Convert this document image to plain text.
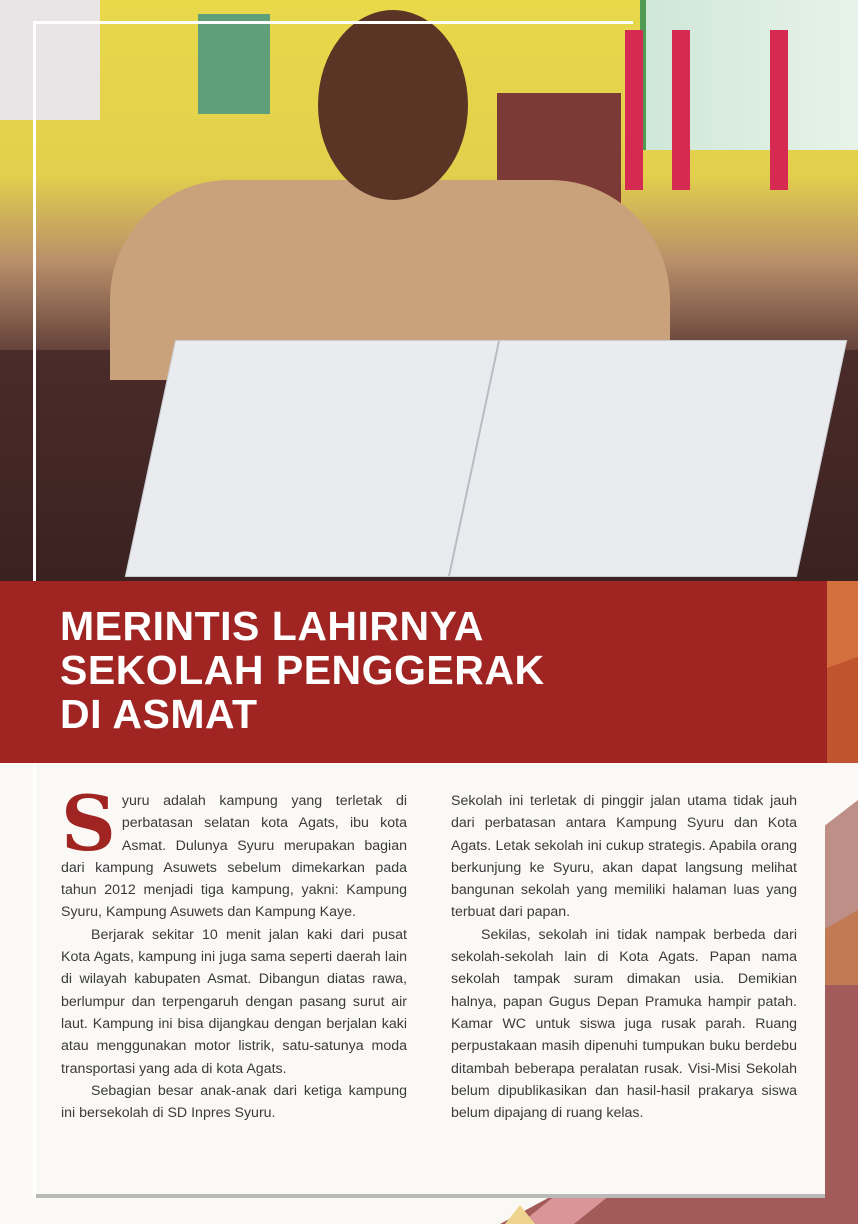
MERINTIS LAHIRNYA
SEKOLAH PENGGERAK
DI ASMAT

Syuru adalah kampung yang terletak di perbatasan selatan kota Agats, ibu kota Asmat. Dulunya Syuru merupakan bagian dari kampung Asuwets sebelum dimekarkan pada tahun 2012 menjadi tiga kampung, yakni: Kampung Syuru, Kampung Asuwets dan Kampung Kaye.

Berjarak sekitar 10 menit jalan kaki dari pusat Kota Agats, kampung ini juga sama seperti daerah lain di wilayah kabupaten Asmat. Dibangun diatas rawa, berlumpur dan terpengaruh dengan pasang surut air laut. Kampung ini bisa dijangkau dengan berjalan kaki atau menggunakan motor listrik, satu-satunya moda transportasi yang ada di kota Agats.

Sebagian besar anak-anak dari ketiga kampung ini bersekolah di SD Inpres Syuru.

Sekolah ini terletak di pinggir jalan utama tidak jauh dari perbatasan antara Kampung Syuru dan Kota Agats. Letak sekolah ini cukup strategis. Apabila orang berkunjung ke Syuru, akan dapat langsung melihat bangunan sekolah yang memiliki halaman luas yang terbuat dari papan.

Sekilas, sekolah ini tidak nampak berbeda dari sekolah-sekolah lain di Kota Agats. Papan nama sekolah tampak suram dimakan usia. Demikian halnya, papan Gugus Depan Pramuka hampir patah. Kamar WC untuk siswa juga rusak parah. Ruang perpustakaan masih dipenuhi tumpukan buku berdebu ditambah beberapa peralatan rusak. Visi-Misi Sekolah belum dipublikasikan dan hasil-hasil prakarya siswa belum dipajang di ruang kelas.
